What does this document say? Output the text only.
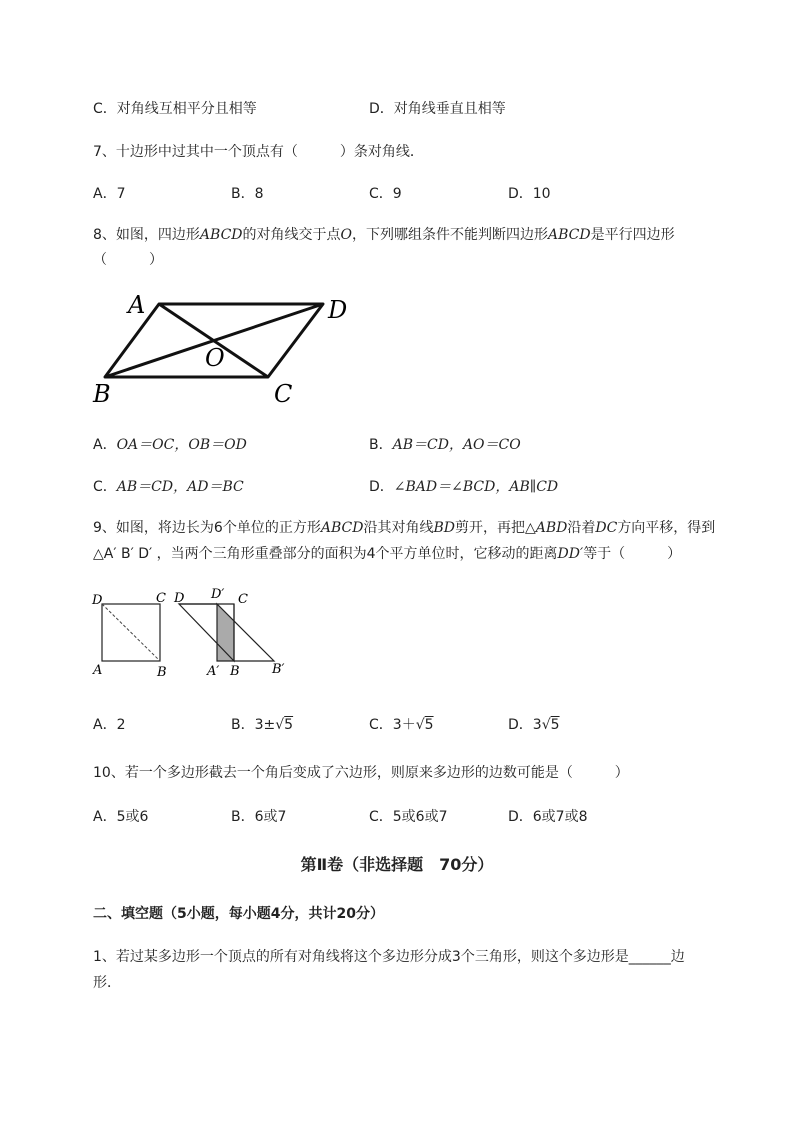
C．对角线互相平分且相等	D．对角线垂直且相等
7、十边形中过其中一个顶点有（　　　）条对角线．
A．7	B．8	C．9	D．10
8、如图，四边形ABCD的对角线交于点O，下列哪组条件不能判断四边形ABCD是平行四边形
（　　　）
A	D
O
B	C
A．OA＝OC，OB＝OD	B．AB＝CD，AO＝CO
C．AB＝CD，AD＝BC	D．∠BAD＝∠BCD，AB∥CD
9、如图，将边长为6个单位的正方形ABCD沿其对角线BD剪开，再把△ABD沿着DC方向平移，得到
△A′ B′ D′ ，当两个三角形重叠部分的面积为4个平方单位时，它移动的距离DD′等于（　　　）
D	C
A	B
D D′ C
A′ B B′
A．2	B．3±√5	C．3＋√5	D．3√5
10、若一个多边形截去一个角后变成了六边形，则原来多边形的边数可能是（　　　）
A．5或6	B．6或7	C．5或6或7	D．6或7或8
第Ⅱ卷（非选择题　70分）
二、填空题（5小题，每小题4分，共计20分）
1、若过某多边形一个顶点的所有对角线将这个多边形分成3个三角形，则这个多边形是______边
形．
